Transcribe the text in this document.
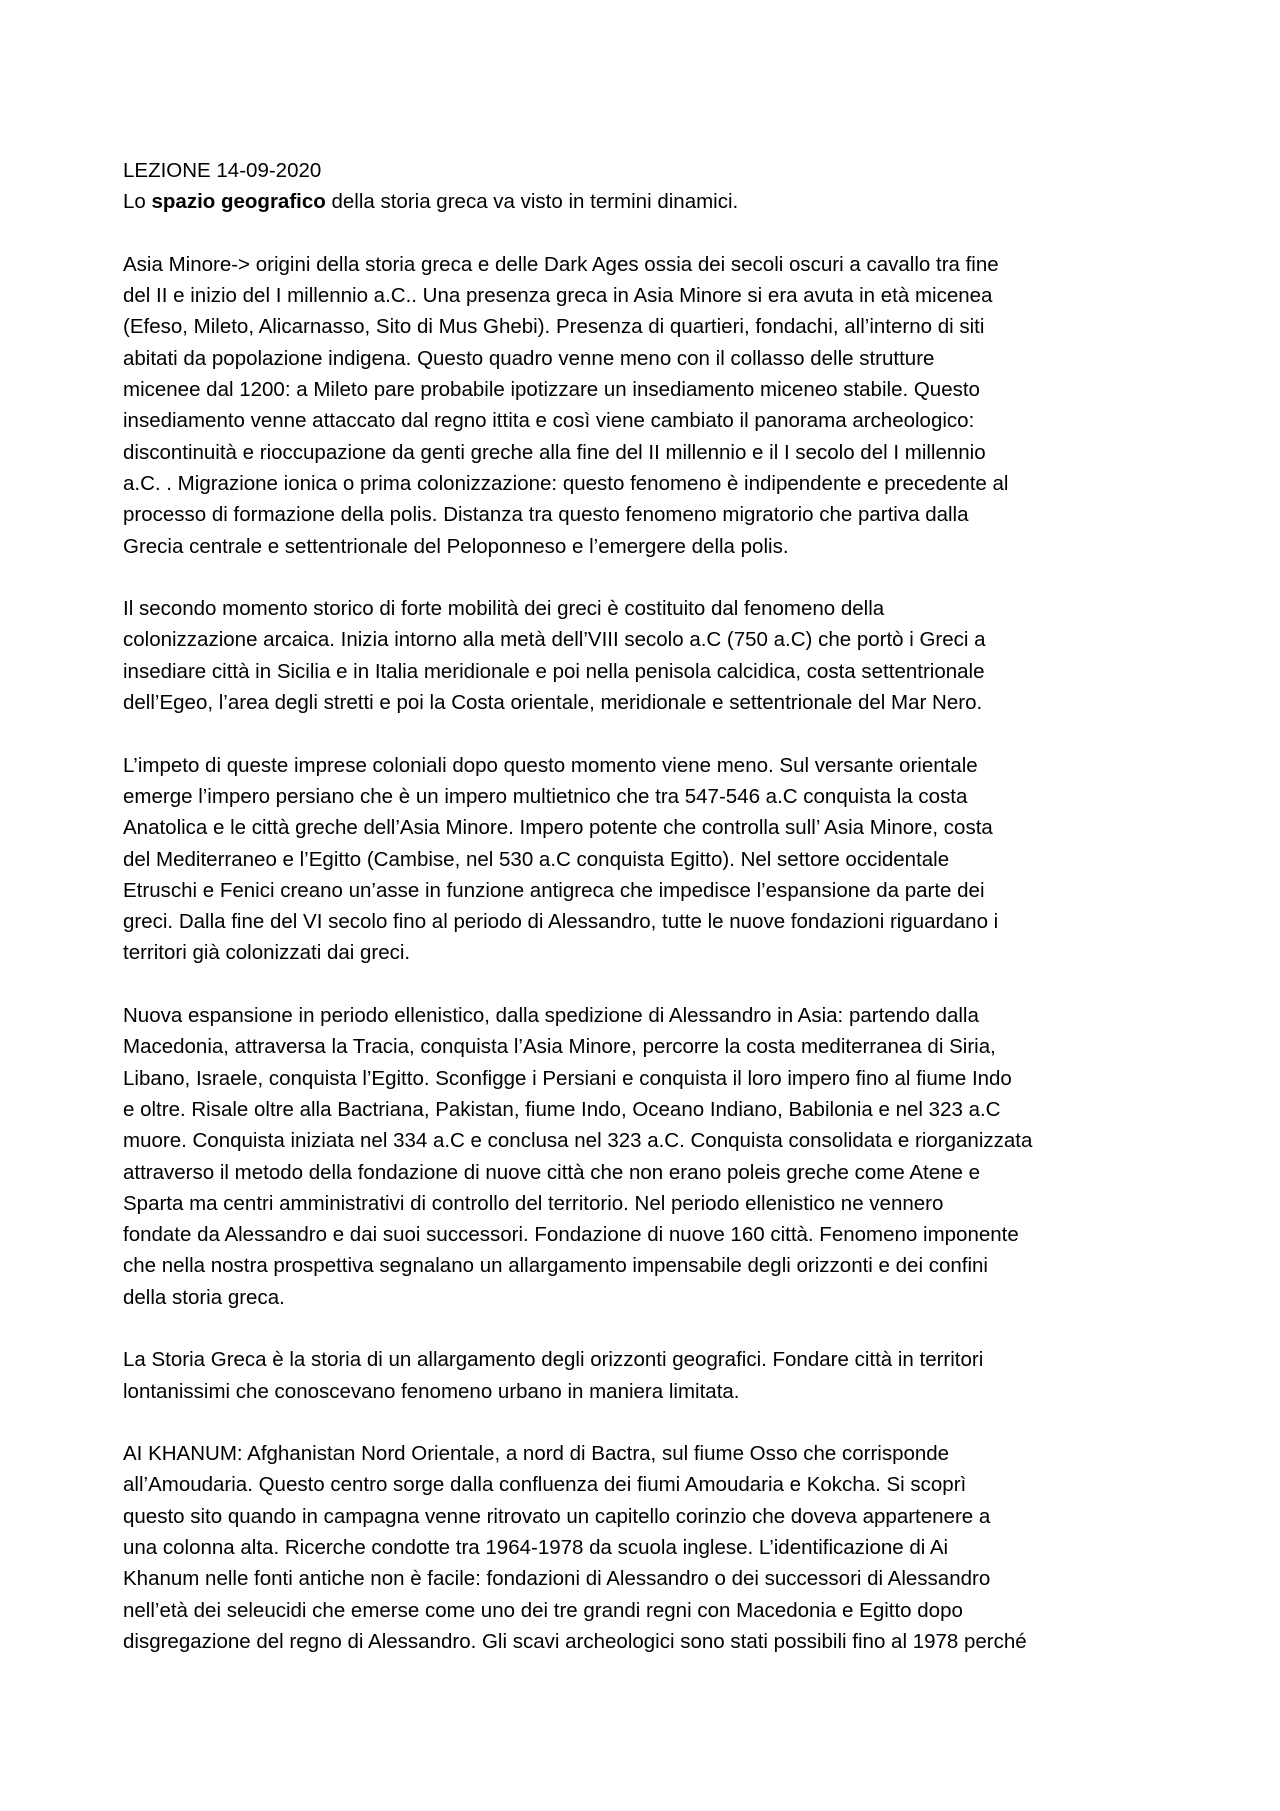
LEZIONE 14-09-2020
Lo spazio geografico della storia greca va visto in termini dinamici.
Asia Minore-> origini della storia greca e delle Dark Ages ossia dei secoli oscuri a cavallo tra fine
del II e inizio del I millennio a.C.. Una presenza greca in Asia Minore si era avuta in età micenea
(Efeso, Mileto, Alicarnasso, Sito di Mus Ghebi). Presenza di quartieri, fondachi, all’interno di siti
abitati da popolazione indigena. Questo quadro venne meno con il collasso delle strutture
micenee dal 1200: a Mileto pare probabile ipotizzare un insediamento miceneo stabile. Questo
insediamento venne attaccato dal regno ittita e così viene cambiato il panorama archeologico:
discontinuità e rioccupazione da genti greche alla fine del II millennio e il I secolo del I millennio
a.C. . Migrazione ionica o prima colonizzazione: questo fenomeno è indipendente e precedente al
processo di formazione della polis. Distanza tra questo fenomeno migratorio che partiva dalla
Grecia centrale e settentrionale del Peloponneso e l’emergere della polis.
Il secondo momento storico di forte mobilità dei greci è costituito dal fenomeno della
colonizzazione arcaica. Inizia intorno alla metà dell’VIII secolo a.C (750 a.C) che portò i Greci a
insediare città in Sicilia e in Italia meridionale e poi nella penisola calcidica, costa settentrionale
dell’Egeo, l’area degli stretti e poi la Costa orientale, meridionale e settentrionale del Mar Nero.
L’impeto di queste imprese coloniali dopo questo momento viene meno. Sul versante orientale
emerge l’impero persiano che è un impero multietnico che tra 547-546 a.C conquista la costa
Anatolica e le città greche dell’Asia Minore. Impero potente che controlla sull’ Asia Minore, costa
del Mediterraneo e l’Egitto (Cambise, nel 530 a.C conquista Egitto). Nel settore occidentale
Etruschi e Fenici creano un’asse in funzione antigreca che impedisce l’espansione da parte dei
greci. Dalla fine del VI secolo fino al periodo di Alessandro, tutte le nuove fondazioni riguardano i
territori già colonizzati dai greci.
Nuova espansione in periodo ellenistico, dalla spedizione di Alessandro in Asia: partendo dalla
Macedonia, attraversa la Tracia, conquista l’Asia Minore, percorre la costa mediterranea di Siria,
Libano, Israele, conquista l’Egitto. Sconfigge i Persiani e conquista il loro impero fino al fiume Indo
e oltre. Risale oltre alla Bactriana, Pakistan, fiume Indo, Oceano Indiano, Babilonia e nel 323 a.C
muore. Conquista iniziata nel 334 a.C e conclusa nel 323 a.C. Conquista consolidata e riorganizzata
attraverso il metodo della fondazione di nuove città che non erano poleis greche come Atene e
Sparta ma centri amministrativi di controllo del territorio. Nel periodo ellenistico ne vennero
fondate da Alessandro e dai suoi successori. Fondazione di nuove 160 città. Fenomeno imponente
che nella nostra prospettiva segnalano un allargamento impensabile degli orizzonti e dei confini
della storia greca.
La Storia Greca è la storia di un allargamento degli orizzonti geografici. Fondare città in territori
lontanissimi che conoscevano fenomeno urbano in maniera limitata.
AI KHANUM: Afghanistan Nord Orientale, a nord di Bactra, sul fiume Osso che corrisponde
all’Amoudaria. Questo centro sorge dalla confluenza dei fiumi Amoudaria e Kokcha. Si scoprì
questo sito quando in campagna venne ritrovato un capitello corinzio che doveva appartenere a
una colonna alta. Ricerche condotte tra 1964-1978 da scuola inglese. L’identificazione di Ai
Khanum nelle fonti antiche non è facile: fondazioni di Alessandro o dei successori di Alessandro
nell’età dei seleucidi che emerse come uno dei tre grandi regni con Macedonia e Egitto dopo
disgregazione del regno di Alessandro. Gli scavi archeologici sono stati possibili fino al 1978 perché
